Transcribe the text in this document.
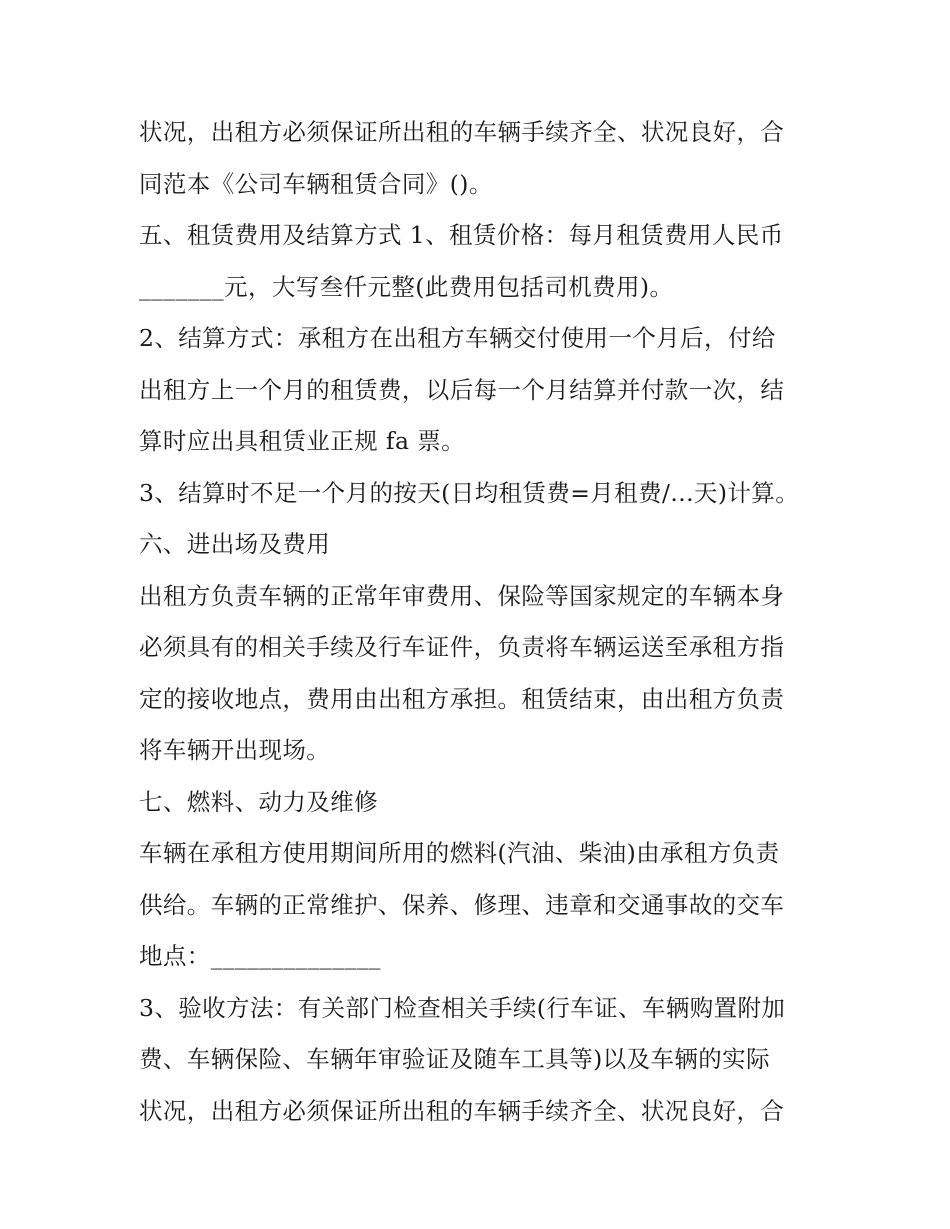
状况，出租方必须保证所出租的车辆手续齐全、状况良好，合
同范本《公司车辆租赁合同》()。
五、租赁费用及结算方式 1、租赁价格：每月租赁费用人民币
_______元，大写叁仟元整(此费用包括司机费用)。
2、结算方式：承租方在出租方车辆交付使用一个月后，付给
出租方上一个月的租赁费，以后每一个月结算并付款一次，结
算时应出具租赁业正规 fa 票。
3、结算时不足一个月的按天(日均租赁费=月租费/...天)计算。
六、进出场及费用
出租方负责车辆的正常年审费用、保险等国家规定的车辆本身
必须具有的相关手续及行车证件，负责将车辆运送至承租方指
定的接收地点，费用由出租方承担。租赁结束，由出租方负责
将车辆开出现场。
七、燃料、动力及维修
车辆在承租方使用期间所用的燃料(汽油、柴油)由承租方负责
供给。车辆的正常维护、保养、修理、违章和交通事故的交车
地点：______________
3、验收方法：有关部门检查相关手续(行车证、车辆购置附加
费、车辆保险、车辆年审验证及随车工具等)以及车辆的实际
状况，出租方必须保证所出租的车辆手续齐全、状况良好，合
